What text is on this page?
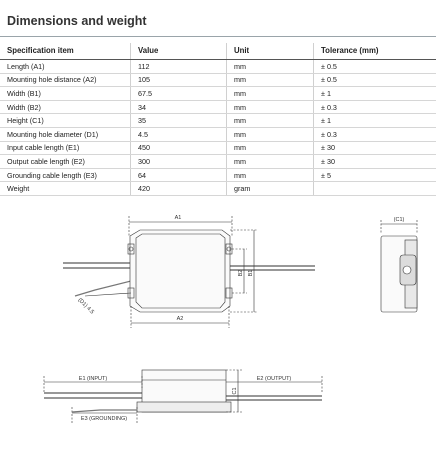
Dimensions and weight
Specification item	Value	Unit	Tolerance (mm)
Length (A1)	112	mm	± 0.5
Mounting hole distance (A2)	105	mm	± 0.5
Width (B1)	67.5	mm	± 1
Width (B2)	34	mm	± 0.3
Height (C1)	35	mm	± 1
Mounting hole diameter (D1)	4.5	mm	± 0.3
Input cable length (E1)	450	mm	± 30
Output cable length (E2)	300	mm	± 30
Grounding cable length (E3)	64	mm	± 5
Weight	420	gram	
A1
A2
B1
B2
(C1)
(D1) 4.5
E1 (INPUT)	E2 (OUTPUT)
C1
E3 (GROUNDING)
